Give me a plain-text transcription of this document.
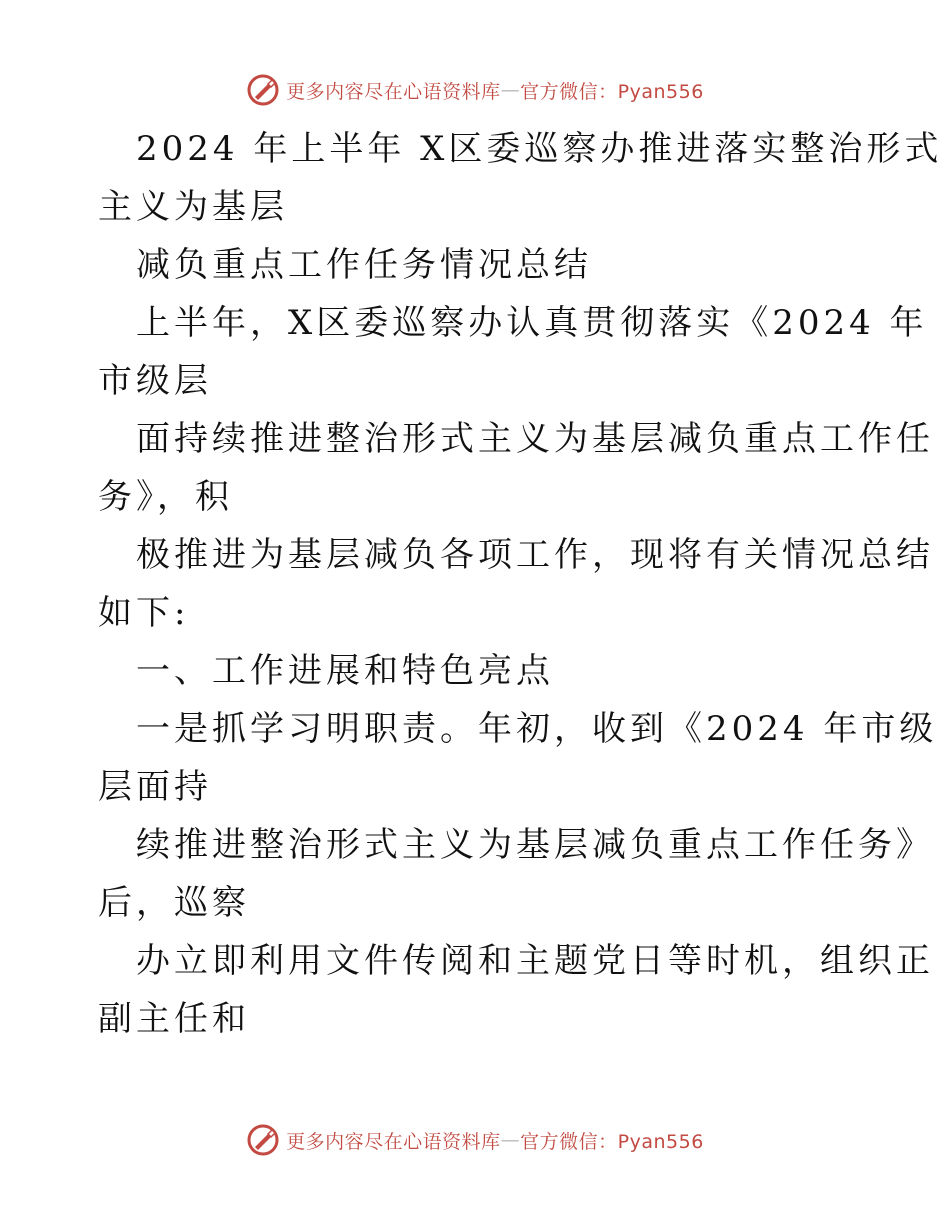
更多内容尽在心语资料库 — 官方微信：Pyan556
2024 年上半年 X区委巡察办推进落实整治形式
主义为基层
减负重点工作任务情况总结
上半年，X区委巡察办认真贯彻落实《2024 年
市级层
面持续推进整治形式主义为基层减负重点工作任
务》，积
极推进为基层减负各项工作，现将有关情况总结
如下:
一、工作进展和特色亮点
一是抓学习明职责。年初，收到《2024 年市级
层面持
续推进整治形式主义为基层减负重点工作任务》
后，巡察
办立即利用文件传阅和主题党日等时机，组织正
副主任和
更多内容尽在心语资料库 — 官方微信：Pyan556
